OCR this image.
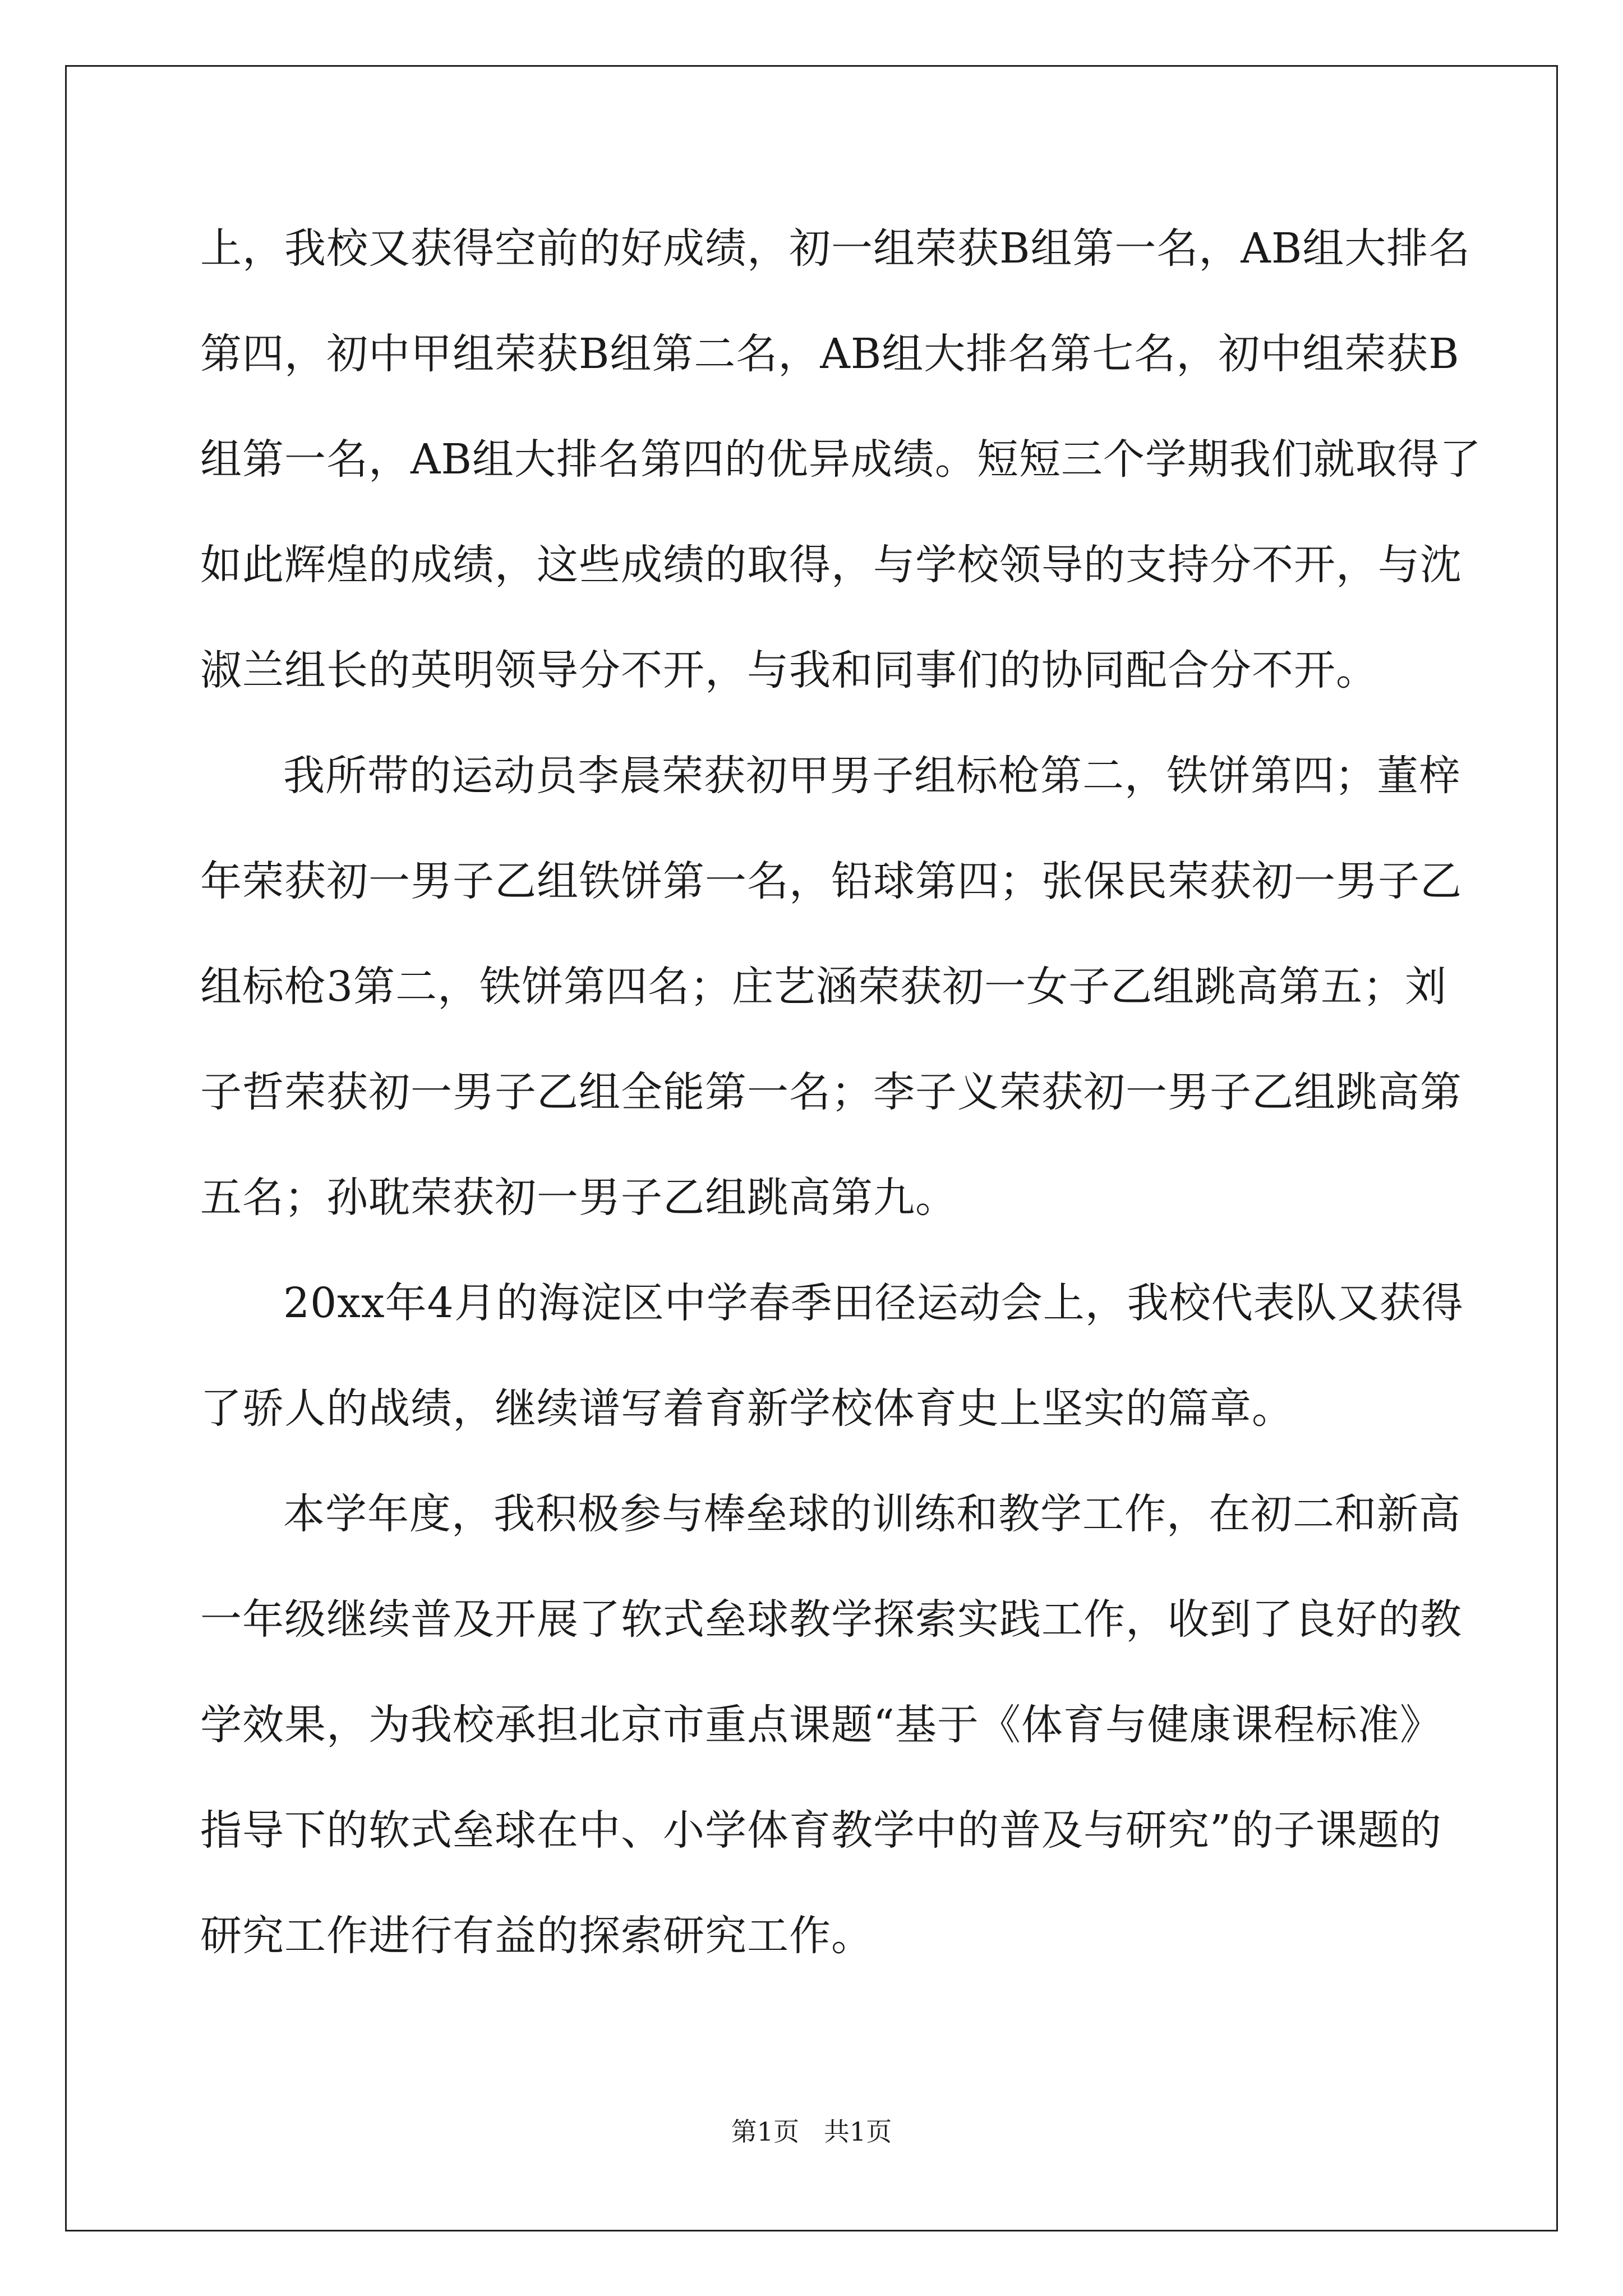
上，我校又获得空前的好成绩，初一组荣获B组第一名，AB组大排名
第四，初中甲组荣获B组第二名，AB组大排名第七名，初中组荣获B
组第一名，AB组大排名第四的优异成绩。短短三个学期我们就取得了
如此辉煌的成绩，这些成绩的取得，与学校领导的支持分不开，与沈
淑兰组长的英明领导分不开，与我和同事们的协同配合分不开。
我所带的运动员李晨荣获初甲男子组标枪第二，铁饼第四；董梓
年荣获初一男子乙组铁饼第一名，铅球第四；张保民荣获初一男子乙
组标枪3第二，铁饼第四名；庄艺涵荣获初一女子乙组跳高第五；刘
子哲荣获初一男子乙组全能第一名；李子义荣获初一男子乙组跳高第
五名；孙耽荣获初一男子乙组跳高第九。
20xx年4月的海淀区中学春季田径运动会上，我校代表队又获得
了骄人的战绩，继续谱写着育新学校体育史上坚实的篇章。
本学年度，我积极参与棒垒球的训练和教学工作，在初二和新高
一年级继续普及开展了软式垒球教学探索实践工作，收到了良好的教
学效果，为我校承担北京市重点课题“基于《体育与健康课程标准》
指导下的软式垒球在中、小学体育教学中的普及与研究”的子课题的
研究工作进行有益的探索研究工作。
第1页   共1页
